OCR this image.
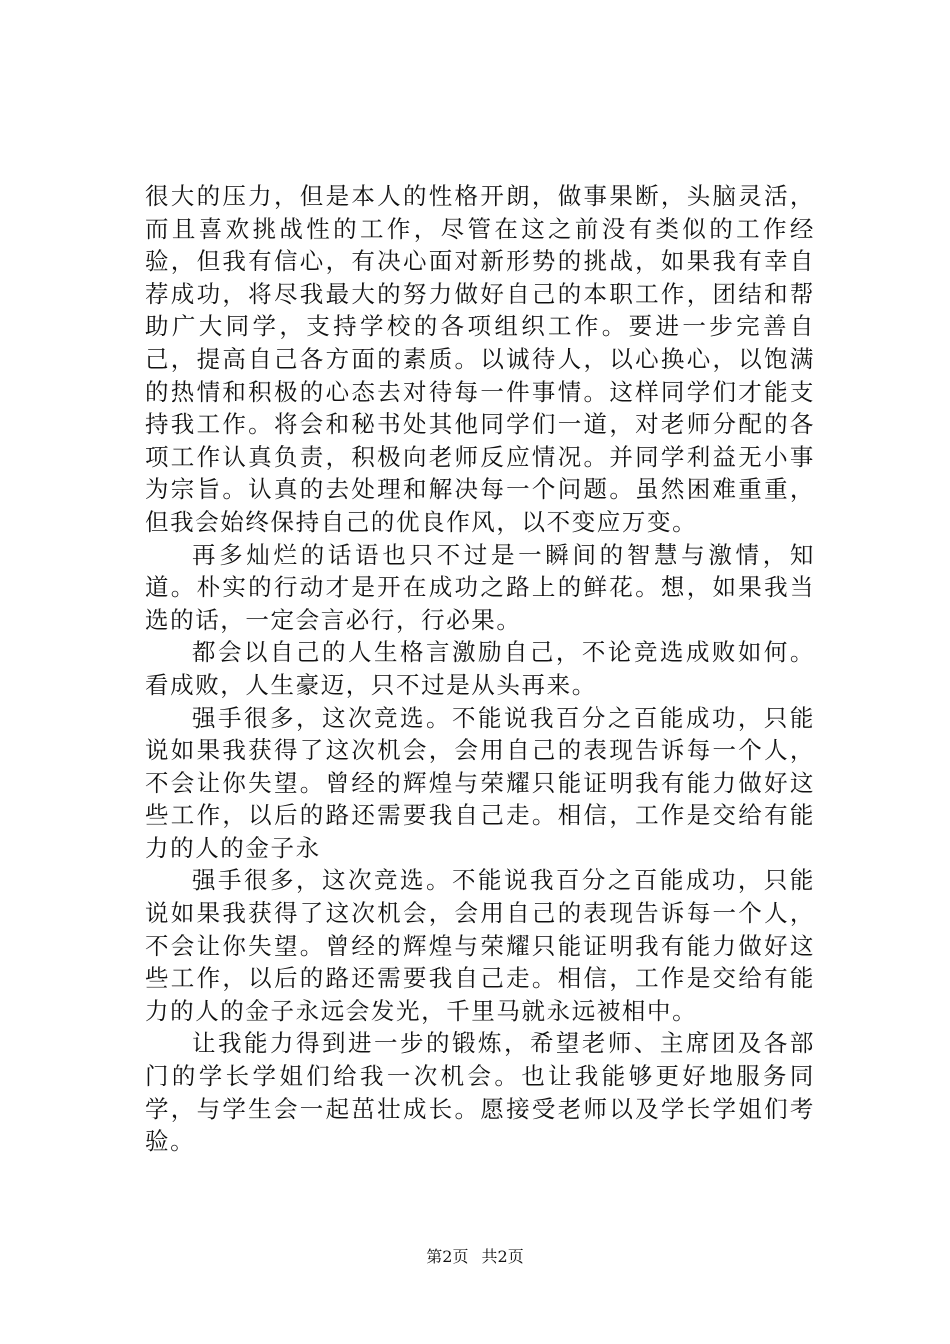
很大的压力，但是本人的性格开朗，做事果断，头脑灵活，而且喜欢挑战性的工作，尽管在这之前没有类似的工作经验，但我有信心，有决心面对新形势的挑战，如果我有幸自荐成功，将尽我最大的努力做好自己的本职工作，团结和帮助广大同学，支持学校的各项组织工作。要进一步完善自己，提高自己各方面的素质。以诚待人，以心换心，以饱满的热情和积极的心态去对待每一件事情。这样同学们才能支持我工作。将会和秘书处其他同学们一道，对老师分配的各项工作认真负责，积极向老师反应情况。并同学利益无小事为宗旨。认真的去处理和解决每一个问题。虽然困难重重，但我会始终保持自己的优良作风，以不变应万变。

再多灿烂的话语也只不过是一瞬间的智慧与激情，知道。朴实的行动才是开在成功之路上的鲜花。想，如果我当选的话，一定会言必行，行必果。

都会以自己的人生格言激励自己，不论竞选成败如何。看成败，人生豪迈，只不过是从头再来。

强手很多，这次竞选。不能说我百分之百能成功，只能说如果我获得了这次机会，会用自己的表现告诉每一个人，不会让你失望。曾经的辉煌与荣耀只能证明我有能力做好这些工作，以后的路还需要我自己走。相信，工作是交给有能力的人的金子永

强手很多，这次竞选。不能说我百分之百能成功，只能说如果我获得了这次机会，会用自己的表现告诉每一个人，不会让你失望。曾经的辉煌与荣耀只能证明我有能力做好这些工作，以后的路还需要我自己走。相信，工作是交给有能力的人的金子永远会发光，千里马就永远被相中。

让我能力得到进一步的锻炼，希望老师、主席团及各部门的学长学姐们给我一次机会。也让我能够更好地服务同学，与学生会一起茁壮成长。愿接受老师以及学长学姐们考验。

第2页 共2页
